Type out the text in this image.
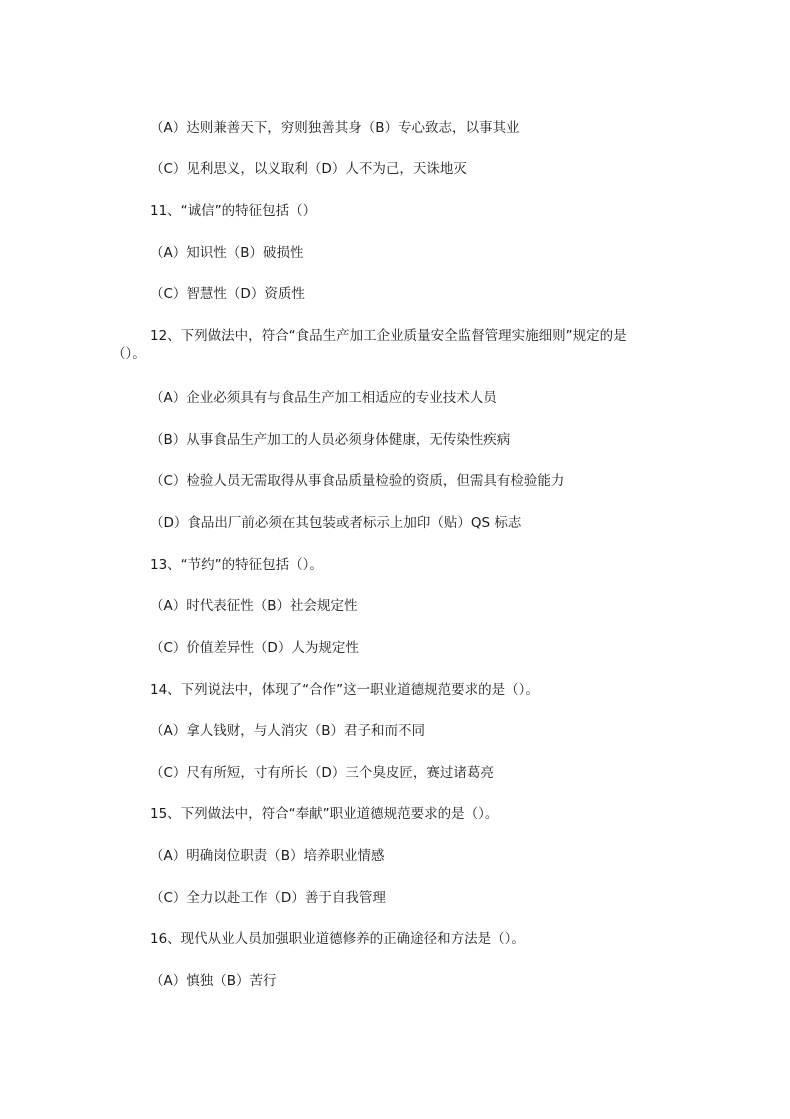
（A）达则兼善天下，穷则独善其身（B）专心致志，以事其业
（C）见利思义，以义取利（D）人不为己，天诛地灭
11、“诚信”的特征包括（）
（A）知识性（B）破损性
（C）智慧性（D）资质性
12、下列做法中，符合“食品生产加工企业质量安全监督管理实施细则”规定的是
（）。
（A）企业必须具有与食品生产加工相适应的专业技术人员
（B）从事食品生产加工的人员必须身体健康，无传染性疾病
（C）检验人员无需取得从事食品质量检验的资质，但需具有检验能力
（D）食品出厂前必须在其包装或者标示上加印（贴）QS 标志
13、“节约”的特征包括（）。
（A）时代表征性（B）社会规定性
（C）价值差异性（D）人为规定性
14、下列说法中，体现了“合作”这一职业道德规范要求的是（）。
（A）拿人钱财，与人消灾（B）君子和而不同
（C）尺有所短，寸有所长（D）三个臭皮匠，赛过诸葛亮
15、下列做法中，符合“奉献”职业道德规范要求的是（）。
（A）明确岗位职责（B）培养职业情感
（C）全力以赴工作（D）善于自我管理
16、现代从业人员加强职业道德修养的正确途径和方法是（）。
（A）慎独（B）苦行
